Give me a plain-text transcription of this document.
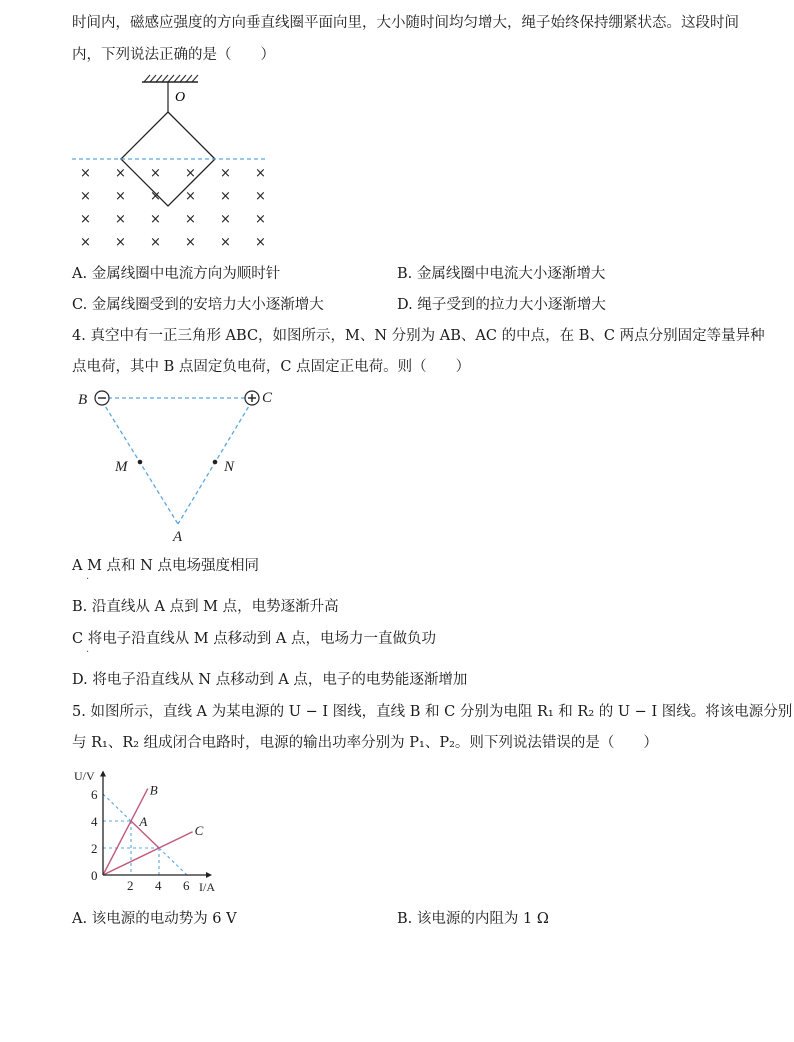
时间内，磁感应强度的方向垂直线圈平面向里，大小随时间均匀增大，绳子始终保持绷紧状态。这段时间
内，下列说法正确的是（　　）
O
× × × × × ×
× × × × × ×
× × × × × ×
× × × × × ×
A. 金属线圈中电流方向为顺时针	B. 金属线圈中电流大小逐渐增大
C. 金属线圈受到的安培力大小逐渐增大	D. 绳子受到的拉力大小逐渐增大
4. 真空中有一正三角形 ABC，如图所示，M、N 分别为 AB、AC 的中点，在 B、C 两点分别固定等量异种
点电荷，其中 B 点固定负电荷，C 点固定正电荷。则（　　）
B	C
A
M	N
A M 点和 N 点电场强度相同
·
B. 沿直线从 A 点到 M 点，电势逐渐升高
C 将电子沿直线从 M 点移动到 A 点，电场力一直做负功
·
D. 将电子沿直线从 N 点移动到 A 点，电子的电势能逐渐增加
5. 如图所示，直线 A 为某电源的 U − I 图线，直线 B 和 C 分别为电阻 R₁ 和 R₂ 的 U − I 图线。将该电源分别
与 R₁、R₂ 组成闭合电路时，电源的输出功率分别为 P₁、P₂。则下列说法错误的是（　　）
2 4 6
2
4
6
0
U/V
I/A
A
B
C
A. 该电源的电动势为 6 V	B. 该电源的内阻为 1 Ω
